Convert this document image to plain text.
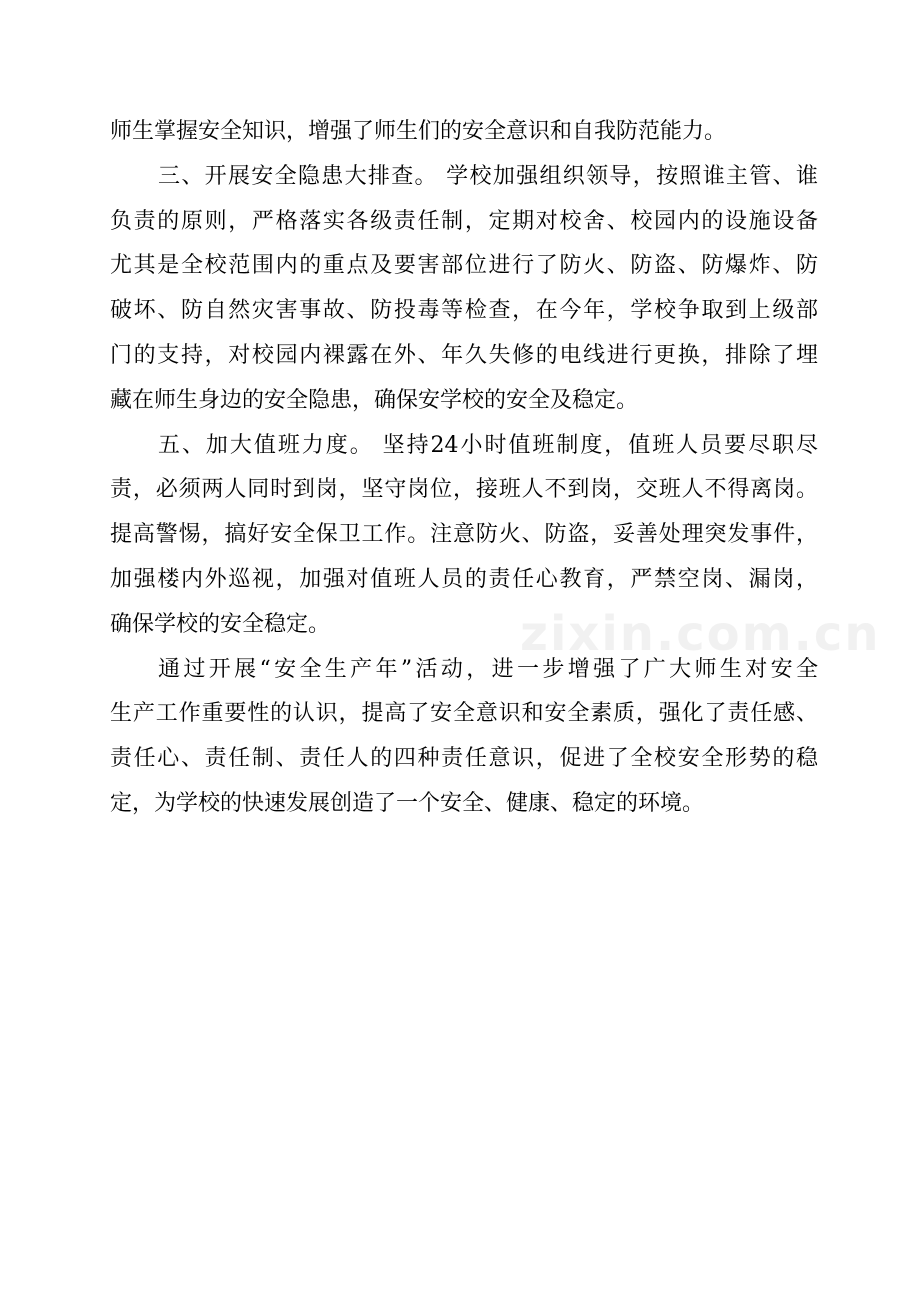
师生掌握安全知识，增强了师生们的安全意识和自我防范能力。
三、开展安全隐患大排查。 学校加强组织领导，按照谁主管、谁
负责的原则，严格落实各级责任制，定期对校舍、校园内的设施设备
尤其是全校范围内的重点及要害部位进行了防火、防盗、防爆炸、防
破坏、防自然灾害事故、防投毒等检查，在今年，学校争取到上级部
门的支持，对校园内裸露在外、年久失修的电线进行更换，排除了埋
藏在师生身边的安全隐患，确保安学校的安全及稳定。
五、加大值班力度。 坚持24小时值班制度，值班人员要尽职尽
责，必须两人同时到岗，坚守岗位，接班人不到岗，交班人不得离岗。
提高警惕，搞好安全保卫工作。注意防火、防盗，妥善处理突发事件，
加强楼内外巡视，加强对值班人员的责任心教育，严禁空岗、漏岗，
确保学校的安全稳定。
通过开展“安全生产年”活动，进一步增强了广大师生对安全
生产工作重要性的认识，提高了安全意识和安全素质，强化了责任感、
责任心、责任制、责任人的四种责任意识，促进了全校安全形势的稳
定，为学校的快速发展创造了一个安全、健康、稳定的环境。
zixin.com.cn
